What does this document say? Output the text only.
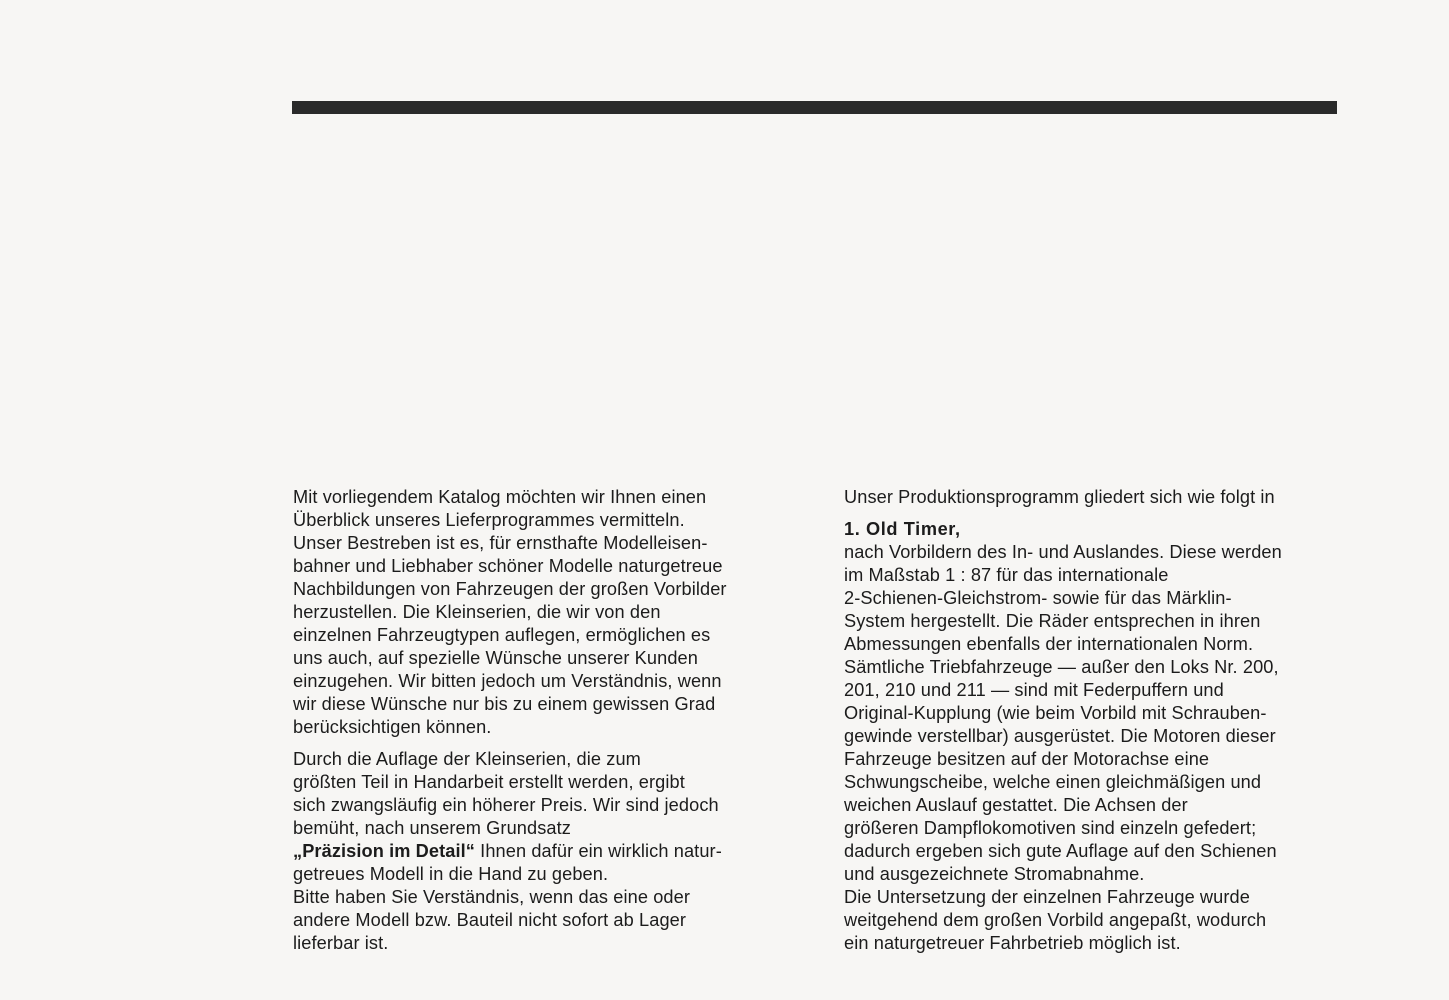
Mit vorliegendem Katalog möchten wir Ihnen einen
Überblick unseres Lieferprogrammes vermitteln.
Unser Bestreben ist es, für ernsthafte Modelleisen-
bahner und Liebhaber schöner Modelle naturgetreue
Nachbildungen von Fahrzeugen der großen Vorbilder
herzustellen. Die Kleinserien, die wir von den
einzelnen Fahrzeugtypen auflegen, ermöglichen es
uns auch, auf spezielle Wünsche unserer Kunden
einzugehen. Wir bitten jedoch um Verständnis, wenn
wir diese Wünsche nur bis zu einem gewissen Grad
berücksichtigen können.
Durch die Auflage der Kleinserien, die zum
größten Teil in Handarbeit erstellt werden, ergibt
sich zwangsläufig ein höherer Preis. Wir sind jedoch
bemüht, nach unserem Grundsatz
„Präzision im Detail“ Ihnen dafür ein wirklich natur-
getreues Modell in die Hand zu geben.
Bitte haben Sie Verständnis, wenn das eine oder
andere Modell bzw. Bauteil nicht sofort ab Lager
lieferbar ist.
Unser Produktionsprogramm gliedert sich wie folgt in
1. Old Timer,
nach Vorbildern des In- und Auslandes. Diese werden
im Maßstab 1 : 87 für das internationale
2-Schienen-Gleichstrom- sowie für das Märklin-
System hergestellt. Die Räder entsprechen in ihren
Abmessungen ebenfalls der internationalen Norm.
Sämtliche Triebfahrzeuge — außer den Loks Nr. 200,
201, 210 und 211 — sind mit Federpuffern und
Original-Kupplung (wie beim Vorbild mit Schrauben-
gewinde verstellbar) ausgerüstet. Die Motoren dieser
Fahrzeuge besitzen auf der Motorachse eine
Schwungscheibe, welche einen gleichmäßigen und
weichen Auslauf gestattet. Die Achsen der
größeren Dampflokomotiven sind einzeln gefedert;
dadurch ergeben sich gute Auflage auf den Schienen
und ausgezeichnete Stromabnahme.
Die Untersetzung der einzelnen Fahrzeuge wurde
weitgehend dem großen Vorbild angepaßt, wodurch
ein naturgetreuer Fahrbetrieb möglich ist.
